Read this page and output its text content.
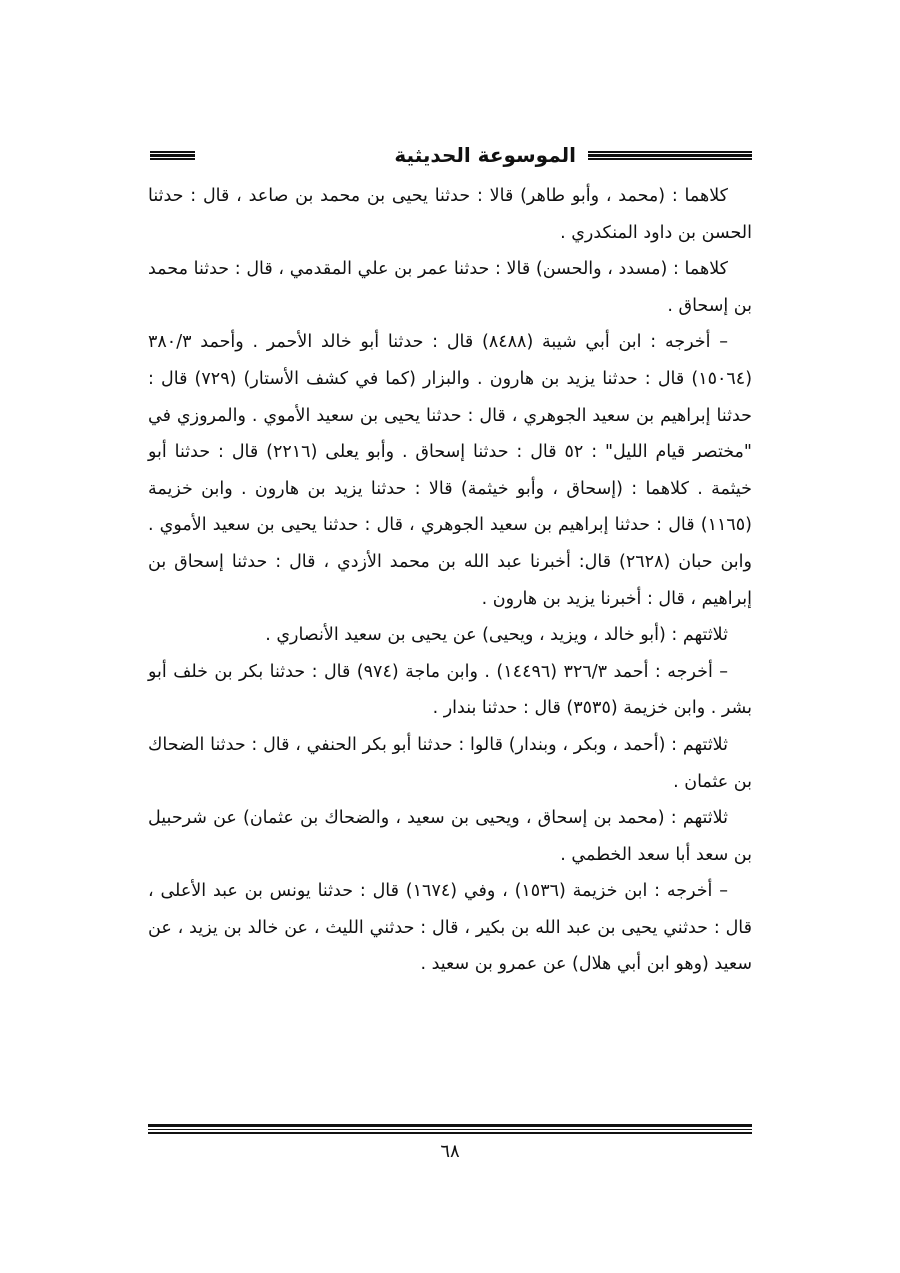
الموسوعة الحديثية

كلاهما : (محمد ، وأبو طاهر) قالا : حدثنا يحيى بن محمد بن صاعد ، قال : حدثنا الحسن بن داود المنكدري .

كلاهما : (مسدد ، والحسن) قالا : حدثنا عمر بن علي المقدمي ، قال : حدثنا محمد بن إسحاق .

– أخرجه : ابن أبي شيبة (٨٤٨٨) قال : حدثنا أبو خالد الأحمر . وأحمد ٣٨٠/٣ (١٥٠٦٤) قال : حدثنا يزيد بن هارون . والبزار (كما في كشف الأستار) (٧٢٩) قال : حدثنا إبراهيم بن سعيد الجوهري ، قال : حدثنا يحيى بن سعيد الأموي . والمروزي في "مختصر قيام الليل" : ٥٢ قال : حدثنا إسحاق . وأبو يعلى (٢٢١٦) قال : حدثنا أبو خيثمة . كلاهما : (إسحاق ، وأبو خيثمة) قالا : حدثنا يزيد بن هارون . وابن خزيمة (١١٦٥) قال : حدثنا إبراهيم بن سعيد الجوهري ، قال : حدثنا يحيى بن سعيد الأموي . وابن حبان (٢٦٢٨) قال: أخبرنا عبد الله بن محمد الأزدي ، قال : حدثنا إسحاق بن إبراهيم ، قال : أخبرنا يزيد بن هارون .

ثلاثتهم : (أبو خالد ، ويزيد ، ويحيى) عن يحيى بن سعيد الأنصاري .

– أخرجه : أحمد ٣٢٦/٣ (١٤٤٩٦) . وابن ماجة (٩٧٤) قال : حدثنا بكر بن خلف أبو بشر . وابن خزيمة (٣٥٣٥) قال : حدثنا بندار .

ثلاثتهم : (أحمد ، وبكر ، وبندار) قالوا : حدثنا أبو بكر الحنفي ، قال : حدثنا الضحاك بن عثمان .

ثلاثتهم : (محمد بن إسحاق ، ويحيى بن سعيد ، والضحاك بن عثمان) عن شرحبيل بن سعد أبا سعد الخطمي .

– أخرجه : ابن خزيمة (١٥٣٦) ، وفي (١٦٧٤) قال : حدثنا يونس بن عبد الأعلى ، قال : حدثني يحيى بن عبد الله بن بكير ، قال : حدثني الليث ، عن خالد بن يزيد ، عن سعيد (وهو ابن أبي هلال) عن عمرو بن سعيد .

٦٨
